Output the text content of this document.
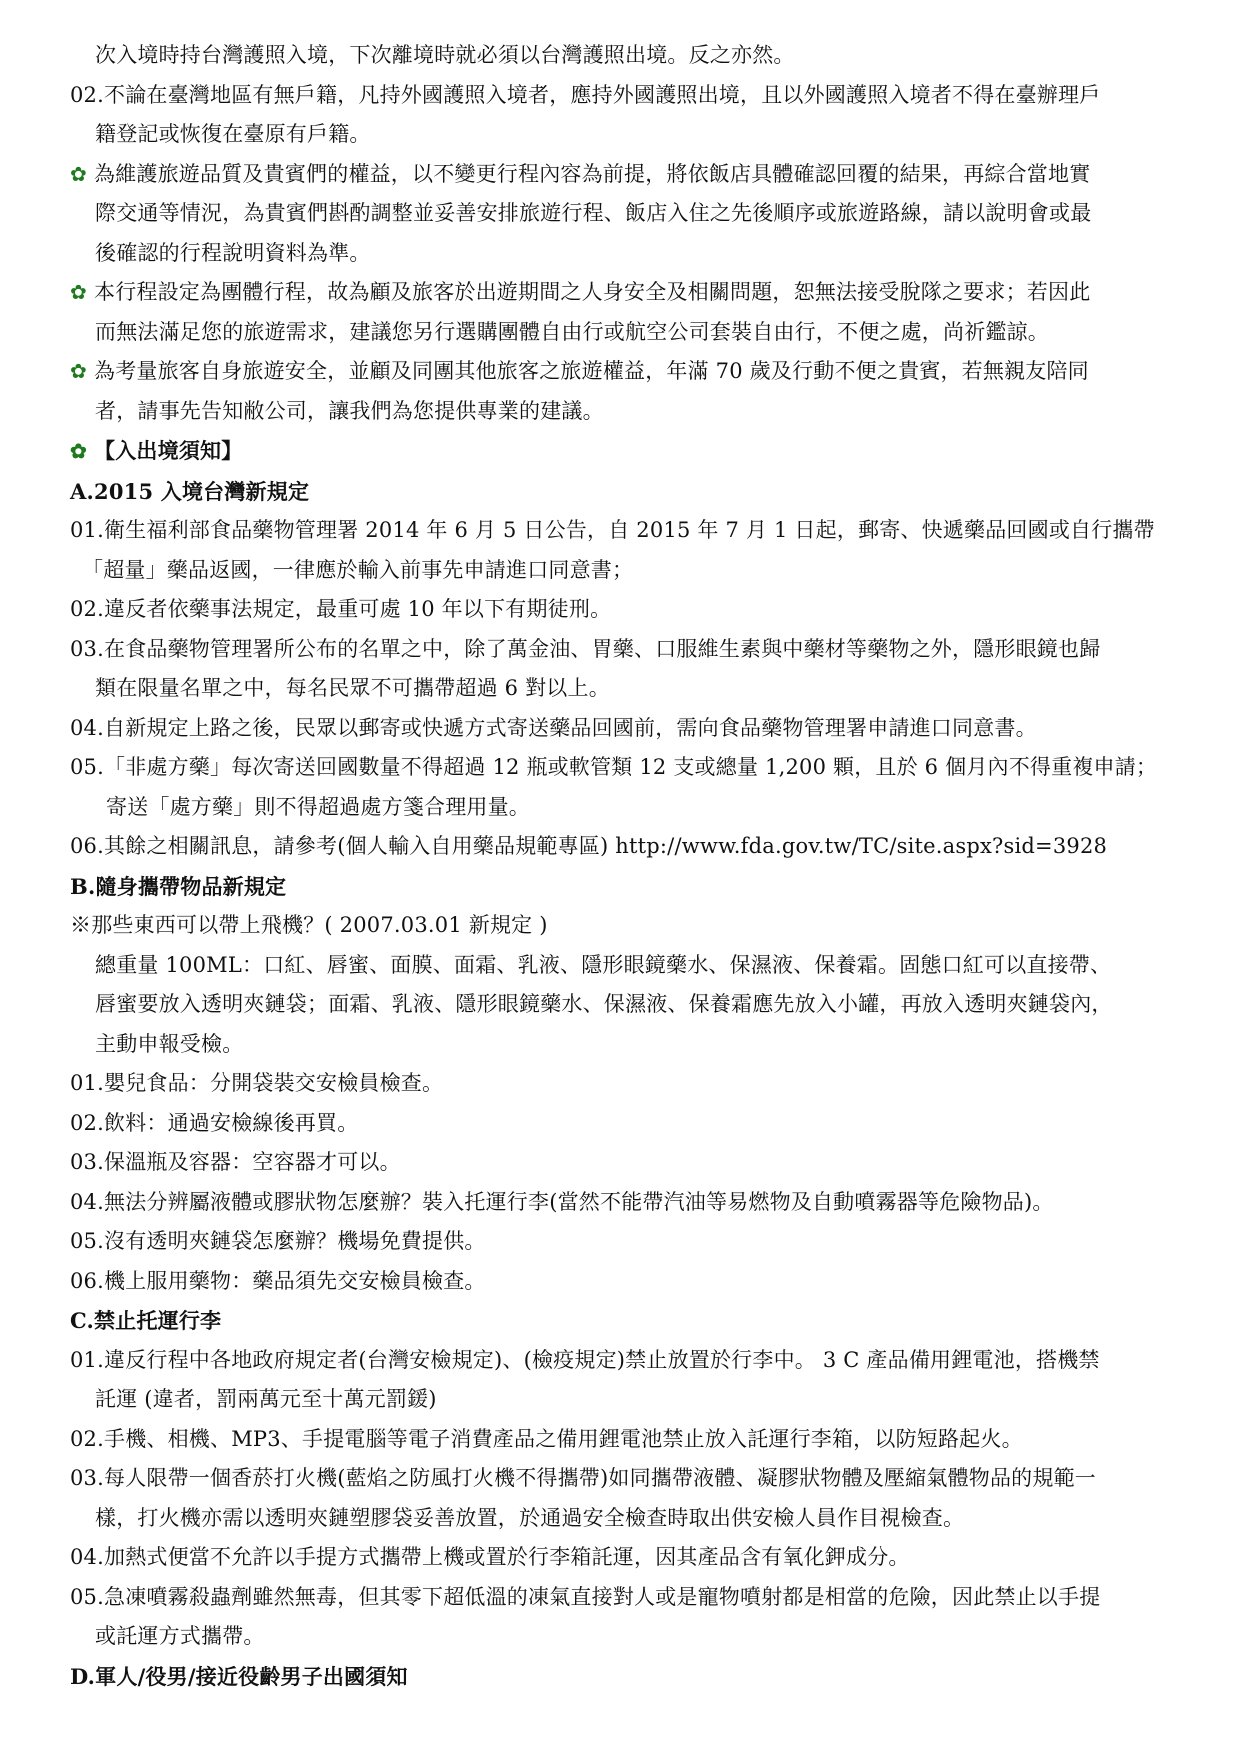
次入境時持台灣護照入境，下次離境時就必須以台灣護照出境。反之亦然。
02.不論在臺灣地區有無戶籍，凡持外國護照入境者，應持外國護照出境，且以外國護照入境者不得在臺辦理戶
籍登記或恢復在臺原有戶籍。
✿ 為維護旅遊品質及貴賓們的權益，以不變更行程內容為前提，將依飯店具體確認回覆的結果，再綜合當地實
際交通等情況，為貴賓們斟酌調整並妥善安排旅遊行程、飯店入住之先後順序或旅遊路線，請以說明會或最
後確認的行程說明資料為準。
✿ 本行程設定為團體行程，故為顧及旅客於出遊期間之人身安全及相關問題，恕無法接受脫隊之要求；若因此
而無法滿足您的旅遊需求，建議您另行選購團體自由行或航空公司套裝自由行，不便之處，尚祈鑑諒。
✿ 為考量旅客自身旅遊安全，並顧及同團其他旅客之旅遊權益，年滿 70 歲及行動不便之貴賓，若無親友陪同
者，請事先告知敝公司，讓我們為您提供專業的建議。
✿ 【入出境須知】
A.2015 入境台灣新規定
01.衛生福利部食品藥物管理署 2014 年 6 月 5 日公告，自 2015 年 7 月 1 日起，郵寄、快遞藥品回國或自行攜帶
「超量」藥品返國，一律應於輸入前事先申請進口同意書；
02.違反者依藥事法規定，最重可處 10 年以下有期徒刑。
03.在食品藥物管理署所公布的名單之中，除了萬金油、胃藥、口服維生素與中藥材等藥物之外，隱形眼鏡也歸
類在限量名單之中，每名民眾不可攜帶超過 6 對以上。
04.自新規定上路之後，民眾以郵寄或快遞方式寄送藥品回國前，需向食品藥物管理署申請進口同意書。
05.「非處方藥」每次寄送回國數量不得超過 12 瓶或軟管類 12 支或總量 1,200 顆，且於 6 個月內不得重複申請；
寄送「處方藥」則不得超過處方箋合理用量。
06.其餘之相關訊息，請參考(個人輸入自用藥品規範專區) http://www.fda.gov.tw/TC/site.aspx?sid=3928
B.隨身攜帶物品新規定
※那些東西可以帶上飛機？( 2007.03.01 新規定 )
總重量 100ML：口紅、唇蜜、面膜、面霜、乳液、隱形眼鏡藥水、保濕液、保養霜。固態口紅可以直接帶、
唇蜜要放入透明夾鏈袋；面霜、乳液、隱形眼鏡藥水、保濕液、保養霜應先放入小罐，再放入透明夾鏈袋內，
主動申報受檢。
01.嬰兒食品：分開袋裝交安檢員檢查。
02.飲料：通過安檢線後再買。
03.保溫瓶及容器：空容器才可以。
04.無法分辨屬液體或膠狀物怎麼辦？裝入托運行李(當然不能帶汽油等易燃物及自動噴霧器等危險物品)。
05.沒有透明夾鏈袋怎麼辦？機場免費提供。
06.機上服用藥物：藥品須先交安檢員檢查。
C.禁止托運行李
01.違反行程中各地政府規定者(台灣安檢規定)、(檢疫規定)禁止放置於行李中。 3 C 產品備用鋰電池，搭機禁
託運 (違者，罰兩萬元至十萬元罰鍰)
02.手機、相機、MP3、手提電腦等電子消費產品之備用鋰電池禁止放入託運行李箱，以防短路起火。
03.每人限帶一個香菸打火機(藍焰之防風打火機不得攜帶)如同攜帶液體、凝膠狀物體及壓縮氣體物品的規範一
樣，打火機亦需以透明夾鏈塑膠袋妥善放置，於通過安全檢查時取出供安檢人員作目視檢查。
04.加熱式便當不允許以手提方式攜帶上機或置於行李箱託運，因其產品含有氧化鉀成分。
05.急凍噴霧殺蟲劑雖然無毒，但其零下超低溫的凍氣直接對人或是寵物噴射都是相當的危險，因此禁止以手提
或託運方式攜帶。
D.軍人/役男/接近役齡男子出國須知
